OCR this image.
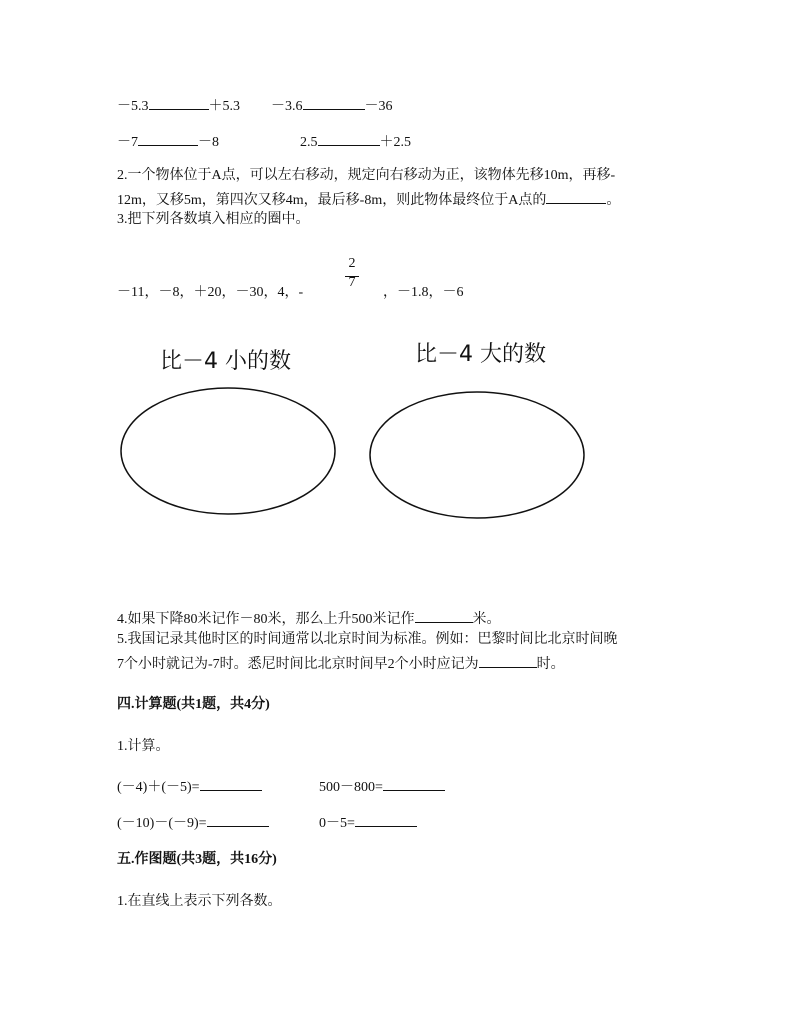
－5.3	＋5.3 －3.6	－36
－7	－8	2.5	＋2.5
2.一个物体位于A点，可以左右移动，规定向右移动为正，该物体先移10m，再移-
12m，又移5m，第四次又移4m，最后移-8m，则此物体最终位于A点的	。
3.把下列各数填入相应的圈中。
－11，－8，＋20，－30，4，-
2
7
，－1.8，－6
比－4 小的数	比－4 大的数
4.如果下降80米记作－80米，那么上升500米记作	米。
5.我国记录其他时区的时间通常以北京时间为标准。例如：巴黎时间比北京时间晚
7个小时就记为-7时。悉尼时间比北京时间早2个小时应记为	时。
四.计算题(共1题，共4分)
1.计算。
(－4)＋(－5)=	500－800=
(－10)－(－9)=	0－5=
五.作图题(共3题，共16分)
1.在直线上表示下列各数。
